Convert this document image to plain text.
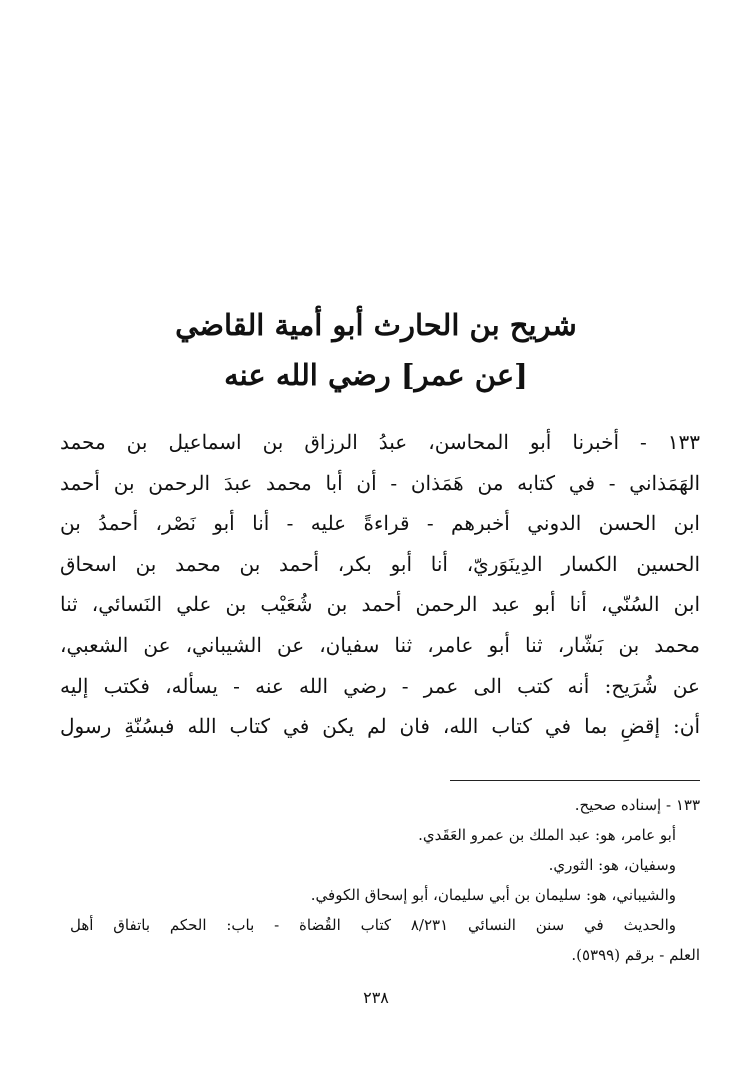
شريح بن الحارث أبو أمية القاضي
[عن عمر] رضي الله عنه
١٣٣ - أخبرنا أبو المحاسن، عبدُ الرزاق بن اسماعيل بن محمد
الهَمَذاني - في كتابه من هَمَذان - أن أبا محمد عبدَ الرحمن بن أحمد
ابن الحسن الدوني أخبرهم - قراءةً عليه - أنا أبو نَصْر، أحمدُ بن
الحسين الكسار الدِينَوَريّ، أنا أبو بكر، أحمد بن محمد بن اسحاق
ابن السُنّي، أنا أبو عبد الرحمن أحمد بن شُعَيْب بن علي النَسائي، ثنا
محمد بن بَشّار، ثنا أبو عامر، ثنا سفيان، عن الشيباني، عن الشعبي،
عن شُرَيح: أنه كتب الى عمر - رضي الله عنه - يسأله، فكتب إليه
أن: إقضِ بما في كتاب الله، فان لم يكن في كتاب الله فبسُنّةِ رسول
١٣٣ - إسناده صحيح.
أبو عامر، هو: عبد الملك بن عمرو العَقَدي.
وسفيان، هو: الثوري.
والشيباني، هو: سليمان بن أبي سليمان، أبو إسحاق الكوفي.
والحديث في سنن النسائي ٨/٢٣١ كتاب القُضاة - باب: الحكم باتفاق أهل
العلم - برقم (٥٣٩٩).
٢٣٨
